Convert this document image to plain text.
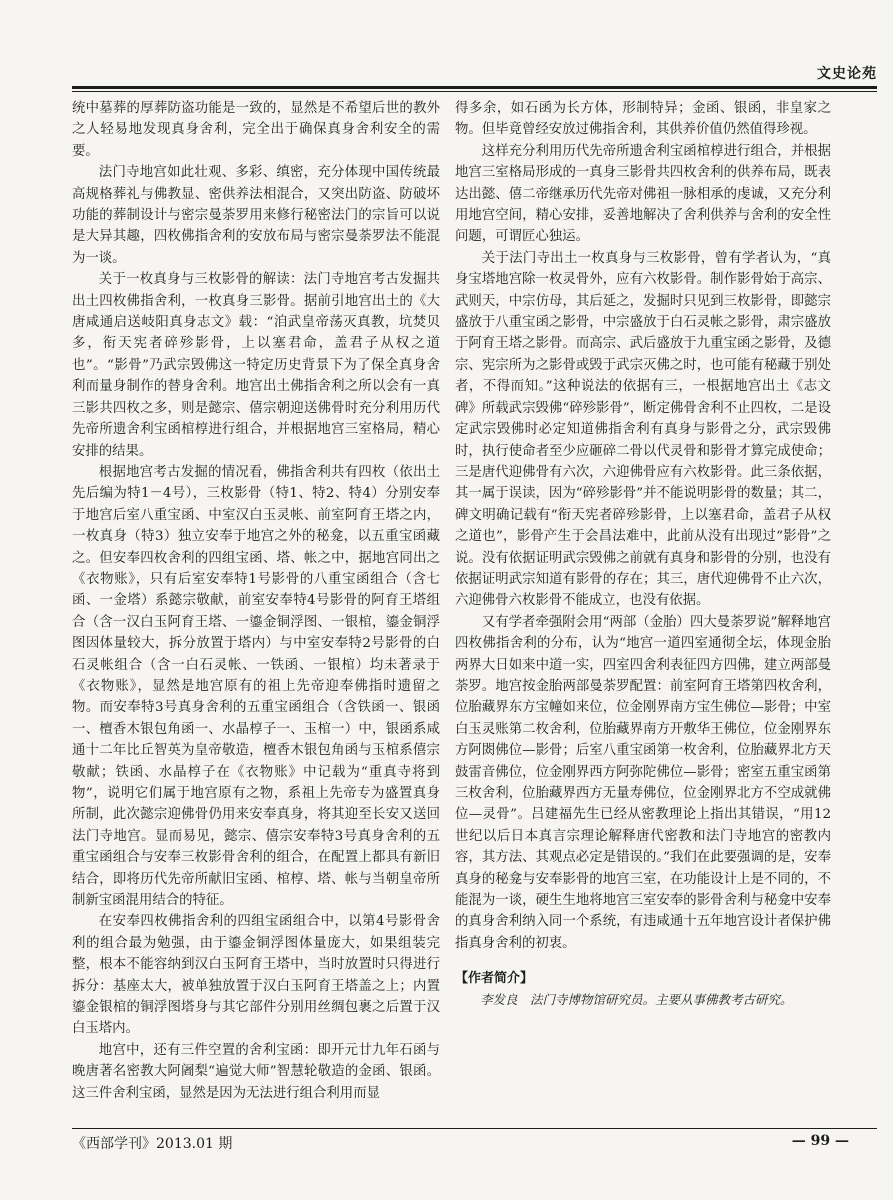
文史论苑

统中墓葬的厚葬防盗功能是一致的，显然是不希望后世的教外之人轻易地发现真身舍利，完全出于确保真身舍利安全的需要。

法门寺地宫如此壮观、多彩、缜密，充分体现中国传统最高规格葬礼与佛教显、密供养法相混合，又突出防盗、防破坏功能的葬制设计与密宗曼荼罗用来修行秘密法门的宗旨可以说是大异其趣，四枚佛指舍利的安放布局与密宗曼荼罗法不能混为一谈。

关于一枚真身与三枚影骨的解读：法门寺地宫考古发掘共出土四枚佛指舍利，一枚真身三影骨。据前引地宫出土的《大唐咸通启送岐阳真身志文》载：“洎武皇帝荡灭真教，坑焚贝多，衔天宪者碎殄影骨，上以塞君命，盖君子从权之道也”。“影骨”乃武宗毁佛这一特定历史背景下为了保全真身舍利而量身制作的替身舍利。地宫出土佛指舍利之所以会有一真三影共四枚之多，则是懿宗、僖宗朝迎送佛骨时充分利用历代先帝所遗舍利宝函棺椁进行组合，并根据地宫三室格局，精心安排的结果。

根据地宫考古发掘的情况看，佛指舍利共有四枚（依出土先后编为特1－4号），三枚影骨（特1、特2、特4）分别安奉于地宫后室八重宝函、中室汉白玉灵帐、前室阿育王塔之内，一枚真身（特3）独立安奉于地宫之外的秘龛，以五重宝函藏之。但安奉四枚舍利的四组宝函、塔、帐之中，据地宫同出之《衣物账》，只有后室安奉特1号影骨的八重宝函组合（含七函、一金塔）系懿宗敬献，前室安奉特4号影骨的阿育王塔组合（含一汉白玉阿育王塔、一鎏金铜浮图、一银棺，鎏金铜浮图因体量较大，拆分放置于塔内）与中室安奉特2号影骨的白石灵帐组合（含一白石灵帐、一铁函、一银棺）均未著录于《衣物账》，显然是地宫原有的祖上先帝迎奉佛指时遗留之物。而安奉特3号真身舍利的五重宝函组合（含铁函一、银函一、檀香木银包角函一、水晶椁子一、玉棺一）中，银函系咸通十二年比丘智英为皇帝敬造，檀香木银包角函与玉棺系僖宗敬献；铁函、水晶椁子在《衣物账》中记载为“重真寺将到物”，说明它们属于地宫原有之物，系祖上先帝专为盛置真身所制，此次懿宗迎佛骨仍用来安奉真身，将其迎至长安又送回法门寺地宫。显而易见，懿宗、僖宗安奉特3号真身舍利的五重宝函组合与安奉三枚影骨舍利的组合，在配置上都具有新旧结合，即将历代先帝所献旧宝函、棺椁、塔、帐与当朝皇帝所制新宝函混用结合的特征。

在安奉四枚佛指舍利的四组宝函组合中，以第4号影骨舍利的组合最为勉强，由于鎏金铜浮图体量庞大，如果组装完整，根本不能容纳到汉白玉阿育王塔中，当时放置时只得进行拆分：基座太大，被单独放置于汉白玉阿育王塔盖之上；内置鎏金银棺的铜浮图塔身与其它部件分别用丝绸包裹之后置于汉白玉塔内。

地宫中，还有三件空置的舍利宝函：即开元廿九年石函与晚唐著名密教大阿阇梨“遍觉大师”智慧轮敬造的金函、银函。这三件舍利宝函，显然是因为无法进行组合利用而显

得多余，如石函为长方体，形制特异；金函、银函，非皇家之物。但毕竟曾经安放过佛指舍利，其供养价值仍然值得珍视。

这样充分利用历代先帝所遗舍利宝函棺椁进行组合，并根据地宫三室格局形成的一真身三影骨共四枚舍利的供养布局，既表达出懿、僖二帝继承历代先帝对佛祖一脉相承的虔诚，又充分利用地宫空间，精心安排，妥善地解决了舍利供养与舍利的安全性问题，可谓匠心独运。

关于法门寺出土一枚真身与三枚影骨，曾有学者认为，“真身宝塔地宫除一枚灵骨外，应有六枚影骨。制作影骨始于高宗、武则天，中宗仿母，其后延之，发掘时只见到三枚影骨，即懿宗盛放于八重宝函之影骨，中宗盛放于白石灵帐之影骨，肃宗盛放于阿育王塔之影骨。而高宗、武后盛放于九重宝函之影骨，及德宗、宪宗所为之影骨或毁于武宗灭佛之时，也可能有秘藏于别处者，不得而知。”这种说法的依据有三，一根据地宫出土《志文碑》所载武宗毁佛“碎殄影骨”，断定佛骨舍利不止四枚，二是设定武宗毁佛时必定知道佛指舍利有真身与影骨之分，武宗毁佛时，执行使命者至少应砸碎二骨以代灵骨和影骨才算完成使命；三是唐代迎佛骨有六次，六迎佛骨应有六枚影骨。此三条依据，其一属于误读，因为“碎殄影骨”并不能说明影骨的数量；其二，碑文明确记载有“衔天宪者碎殄影骨，上以塞君命，盖君子从权之道也”，影骨产生于会昌法难中，此前从没有出现过“影骨”之说。没有依据证明武宗毁佛之前就有真身和影骨的分别，也没有依据证明武宗知道有影骨的存在；其三，唐代迎佛骨不止六次，六迎佛骨六枚影骨不能成立，也没有依据。

又有学者牵强附会用“两部（金胎）四大曼荼罗说”解释地宫四枚佛指舍利的分布，认为“地宫一道四室通彻全坛，体现金胎两界大日如来中道一实，四室四舍利表征四方四佛，建立两部曼荼罗。地宫按金胎两部曼荼罗配置：前室阿育王塔第四枚舍利，位胎藏界东方宝幢如来位，位金刚界南方宝生佛位—影骨；中室白玉灵账第二枚舍利，位胎藏界南方开敷华王佛位，位金刚界东方阿閦佛位—影骨；后室八重宝函第一枚舍利，位胎藏界北方天鼓雷音佛位，位金刚界西方阿弥陀佛位—影骨；密室五重宝函第三枚舍利，位胎藏界西方无量寿佛位，位金刚界北方不空成就佛位—灵骨”。吕建福先生已经从密教理论上指出其错误，“用12世纪以后日本真言宗理论解释唐代密教和法门寺地宫的密教内容，其方法、其观点必定是错误的。”我们在此要强调的是，安奉真身的秘龛与安奉影骨的地宫三室，在功能设计上是不同的，不能混为一谈，硬生生地将地宫三室安奉的影骨舍利与秘龛中安奉的真身舍利纳入同一个系统，有违咸通十五年地宫设计者保护佛指真身舍利的初衷。

【作者简介】

李发良　法门寺博物馆研究员。主要从事佛教考古研究。

《西部学刊》2013.01 期	— 99 —
